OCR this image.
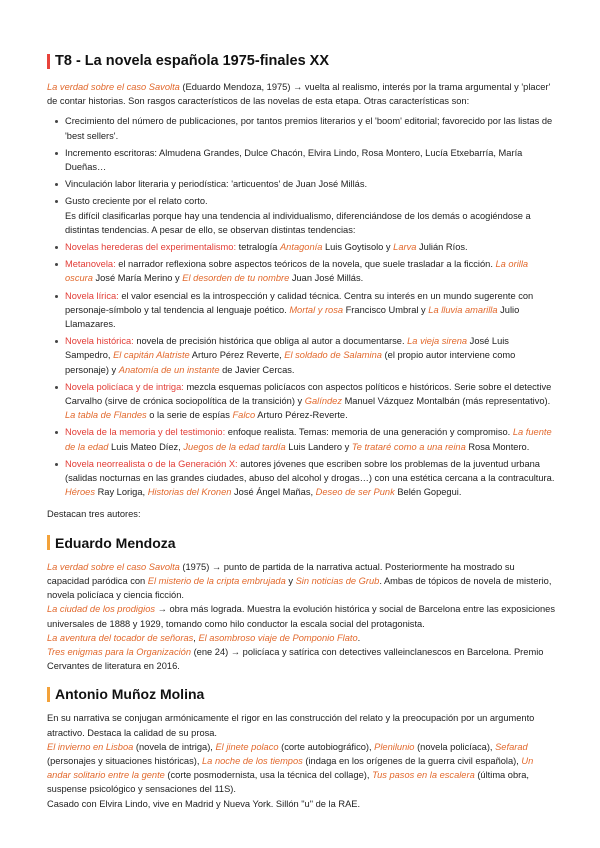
T8 - La novela española 1975-finales XX

La verdad sobre el caso Savolta (Eduardo Mendoza, 1975) → vuelta al realismo, interés por la trama argumental y 'placer' de contar historias. Son rasgos característicos de las novelas de esta etapa. Otras características son:

Crecimiento del número de publicaciones, por tantos premios literarios y el 'boom' editorial; favorecido por las listas de 'best sellers'.
Incremento escritoras: Almudena Grandes, Dulce Chacón, Elvira Lindo, Rosa Montero, Lucía Etxebarría, María Dueñas…
Vinculación labor literaria y periodística: 'articuentos' de Juan José Millás.
Gusto creciente por el relato corto.

Es difícil clasificarlas porque hay una tendencia al individualismo, diferenciándose de los demás o acogiéndose a distintas tendencias. A pesar de ello, se observan distintas tendencias:

Novelas herederas del experimentalismo: tetralogía Antagonía Luis Goytisolo y Larva Julián Ríos.
Metanovela: el narrador reflexiona sobre aspectos teóricos de la novela, que suele trasladar a la ficción. La orilla oscura José María Merino y El desorden de tu nombre Juan José Millás.
Novela lírica: el valor esencial es la introspección y calidad técnica. Centra su interés en un mundo sugerente con personaje-símbolo y tal tendencia al lenguaje poético. Mortal y rosa Francisco Umbral y La lluvia amarilla Julio Llamazares.
Novela histórica: novela de precisión histórica que obliga al autor a documentarse. La vieja sirena José Luis Sampedro, El capitán Alatriste Arturo Pérez Reverte, El soldado de Salamina (el propio autor interviene como personaje) y Anatomía de un instante de Javier Cercas.
Novela policíaca y de intriga: mezcla esquemas policíacos con aspectos políticos e históricos. Serie sobre el detective Carvalho (sirve de crónica sociopolítica de la transición) y Galíndez Manuel Vázquez Montalbán (más representativo). La tabla de Flandes o la serie de espías Falco Arturo Pérez-Reverte.
Novela de la memoria y del testimonio: enfoque realista. Temas: memoria de una generación y compromiso. La fuente de la edad Luis Mateo Díez, Juegos de la edad tardía Luis Landero y Te trataré como a una reina Rosa Montero.
Novela neorrealista o de la Generación X: autores jóvenes que escriben sobre los problemas de la juventud urbana (salidas nocturnas en las grandes ciudades, abuso del alcohol y drogas…) con una estética cercana a la contracultura. Héroes Ray Loriga, Historias del Kronen José Ángel Mañas, Deseo de ser Punk Belén Gopegui.

Destacan tres autores:

Eduardo Mendoza

La verdad sobre el caso Savolta (1975) → punto de partida de la narrativa actual. Posteriormente ha mostrado su capacidad paródica con El misterio de la cripta embrujada y Sin noticias de Grub. Ambas de tópicos de novela de misterio, novela policíaca y ciencia ficción.

La ciudad de los prodigios → obra más lograda. Muestra la evolución histórica y social de Barcelona entre las exposiciones universales de 1888 y 1929, tomando como hilo conductor la escala social del protagonista.

La aventura del tocador de señoras, El asombroso viaje de Pomponio Flato.

Tres enigmas para la Organización (ene 24) → policíaca y satírica con detectives valleinclanescos en Barcelona. Premio Cervantes de literatura en 2016.

Antonio Muñoz Molina

En su narrativa se conjugan armónicamente el rigor en las construcción del relato y la preocupación por un argumento atractivo. Destaca la calidad de su prosa.

El invierno en Lisboa (novela de intriga), El jinete polaco (corte autobiográfico), Plenilunio (novela policíaca), Sefarad (personajes y situaciones históricas), La noche de los tiempos (indaga en los orígenes de la guerra civil española), Un andar solitario entre la gente (corte posmodernista, usa la técnica del collage), Tus pasos en la escalera (última obra, suspense psicológico y sensaciones del 11S).

Casado con Elvira Lindo, vive en Madrid y Nueva York. Sillón "u" de la RAE.
